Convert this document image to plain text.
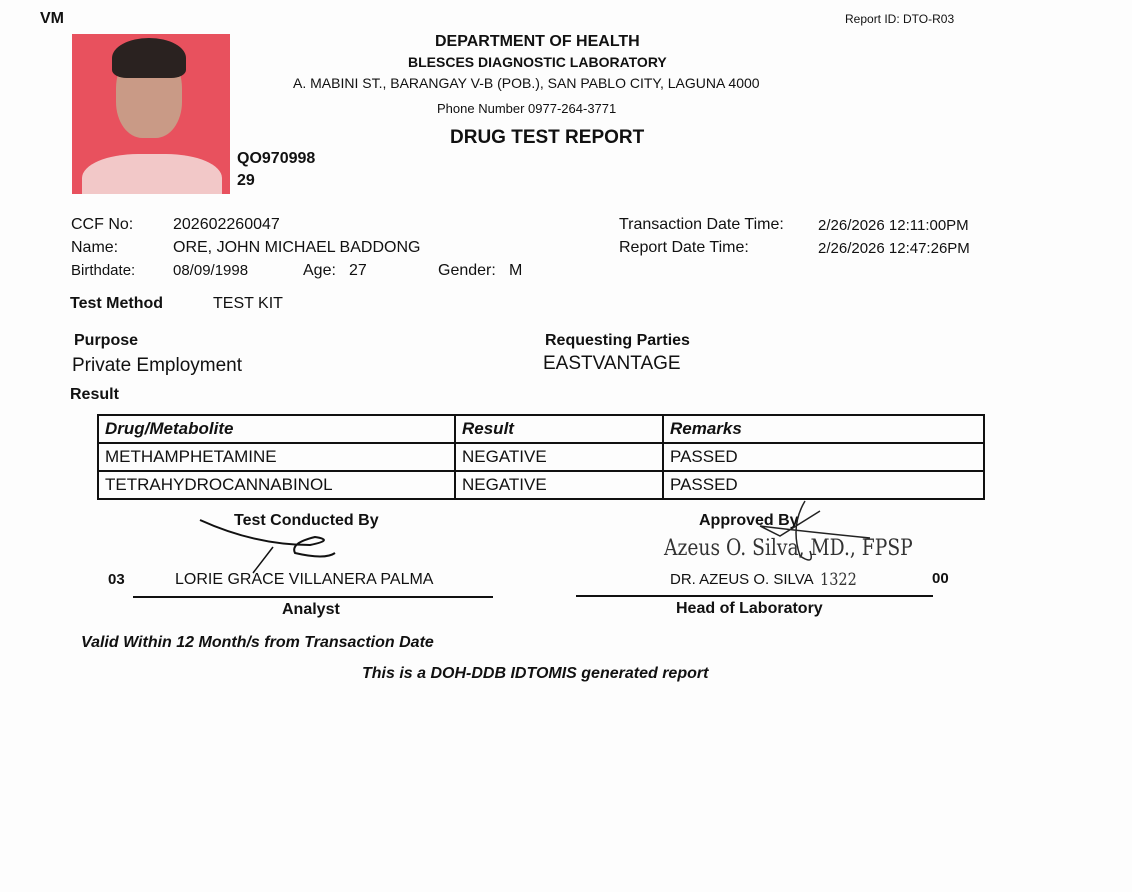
VM	Report ID: DTO-R03
QO970998
29
DEPARTMENT OF HEALTH
BLESCES DIAGNOSTIC LABORATORY
A. MABINI ST., BARANGAY V-B (POB.), SAN PABLO CITY, LAGUNA 4000
Phone Number 0977-264-3771
DRUG TEST REPORT
CCF No: 202602260047
Name:	ORE, JOHN MICHAEL BADDONG
Birthdate:	08/09/1998	Age: 27	Gender: M
Transaction Date Time: 2/26/2026 12:11:00PM
Report Date Time:	2/26/2026 12:47:26PM
Test Method	TEST KIT
Purpose
Private Employment
Requesting Parties
EASTVANTAGE
Result
Drug/Metabolite	Result	Remarks
METHAMPHETAMINE	NEGATIVE	PASSED
TETRAHYDROCANNABINOL	NEGATIVE	PASSED
Test Conducted By
03	LORIE GRACE VILLANERA PALMA
Analyst
Approved By
Azeus O. Silva, MD., FPSP
DR. AZEUS O. SILVA 1322	00
Head of Laboratory
Valid Within 12 Month/s from Transaction Date
This is a DOH-DDB IDTOMIS generated report
